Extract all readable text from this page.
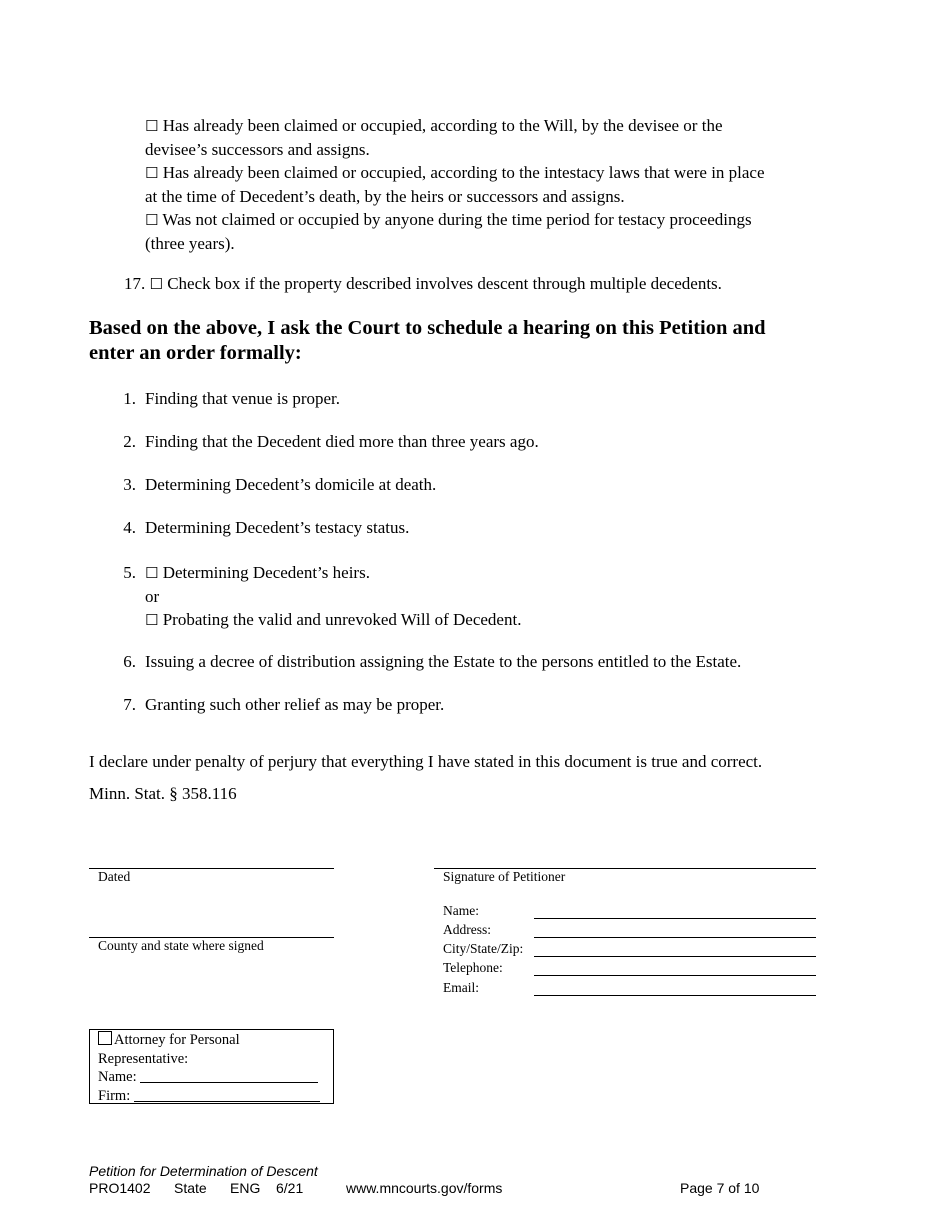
☐ Has already been claimed or occupied, according to the Will, by the devisee or the
devisee’s successors and assigns.
☐ Has already been claimed or occupied, according to the intestacy laws that were in place
at the time of Decedent’s death, by the heirs or successors and assigns.
☐ Was not claimed or occupied by anyone during the time period for testacy proceedings
(three years).
17. ☐ Check box if the property described involves descent through multiple decedents.
Based on the above, I ask the Court to schedule a hearing on this Petition and
enter an order formally:
1. Finding that venue is proper.
2. Finding that the Decedent died more than three years ago.
3. Determining Decedent’s domicile at death.
4. Determining Decedent’s testacy status.
5. ☐ Determining Decedent’s heirs.
or
☐ Probating the valid and unrevoked Will of Decedent.
6. Issuing a decree of distribution assigning the Estate to the persons entitled to the Estate.
7. Granting such other relief as may be proper.
I declare under penalty of perjury that everything I have stated in this document is true and correct.
Minn. Stat. § 358.116
Dated
County and state where signed
Signature of Petitioner
Name:
Address:
City/State/Zip:
Telephone:
Email:
Attorney for Personal
Representative:
Name:
Firm:
Petition for Determination of Descent
PRO1402 State ENG 6/21	www.mncourts.gov/forms	Page 7 of 10
